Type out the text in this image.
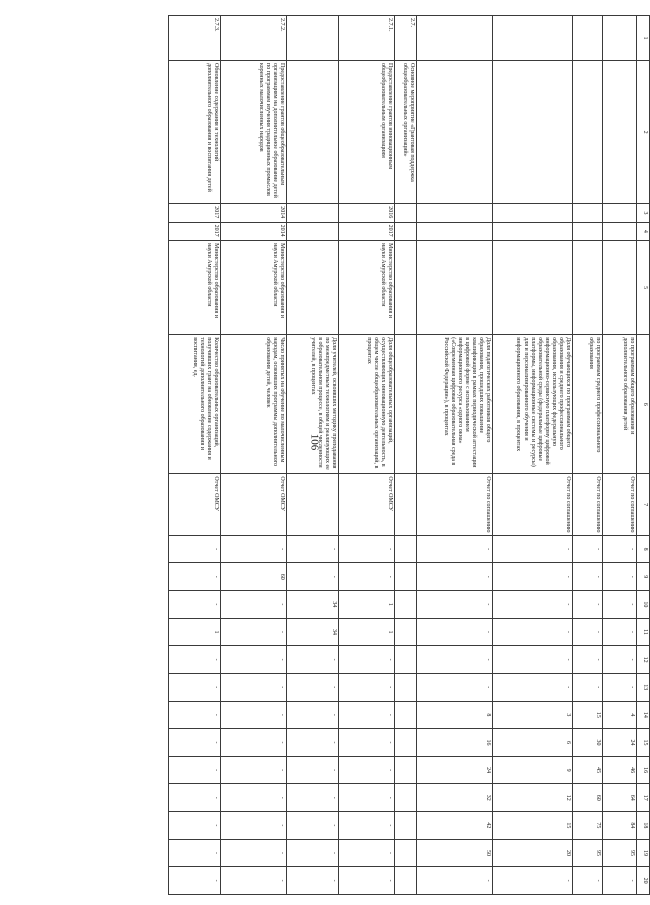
106
1	2	3	4	5	6	7	8	9	10	11	12	13	14	15	16	17	18	19	20
					по программам общего образования и дополнительного образования детей	Отчет по соглашению	-	-	-	-	-	-	4	24	46	64	84	95	-
					по программам среднего профессионального образования	Отчет по соглашению	-	-	-	-	-	-	15	30	45	60	75	95	-
					Доля обучающихся по программам общего образования и среднего профессионального образования, использующих федеральную информационно-сервисную платформу цифровой образовательной среды (федеральные цифровые платформы, информационные системы и ресурсы) для и персонализированного обучения и информационного образования, в процентах	Отчет по соглашению	-	-	-	-	-	-	3	6	9	12	15	20	-
					Доля педагогических работников общего образования, прошедших повышение квалификации в рамках периодической аттестации в цифровой форме с использованием информационного ресурса «одного окна» («Современная цифровая образовательная среда в Российской Федерации»), в процентах	Отчет по соглашению	-	-	-	-	-	-	8	16	24	32	42	50	-
2.7.	Основное мероприятие «Грантовая поддержка общеобразовательных организаций»																		
2.7.1.	Предоставление грантов инновационным общеобразовательным организациям	2016	2017	Министерство образования и науки Амурской области	Доля общеобразовательных организаций, осуществляющих инновационную деятельность, в общем числе общеобразовательных организаций, в процентах	Отчет ОМСУ	-	-	1	1	-	-	-	-	-	-	-	-	-
					Доля учителей, освоивших методику преподавания по межпредметным технологиям и реализующих ее в образовательном процессе, в общей численности учителей, в процентах		-	-	34	34	-	-	-	-	-	-	-	-	-
2.7.2.	Предоставление грантов общеобразовательным организациям на дополнительное образование детей по программам изучения традиционных промыслов коренных малочисленных народов	2014	2014	Министерство образования и науки Амурской области	Число принятых на обучение по малочисленным народам, освоивших программы дополнительного образования детей, человек	Отчет ОМСУ	-	60	-	-	-	-	-	-	-	-	-	-	-
2.7.3.	Обновление содержания и технологий дополнительного образования и воспитания детей	2017	2017	Министерство образования и науки Амурской области	Количество образовательных организаций, получивших грант на обновление содержания и технологий дополнительного образования и воспитания, ед.	Отчет ОМСУ	-	-	-	1	-	-	-	-	-	-	-	-	-
